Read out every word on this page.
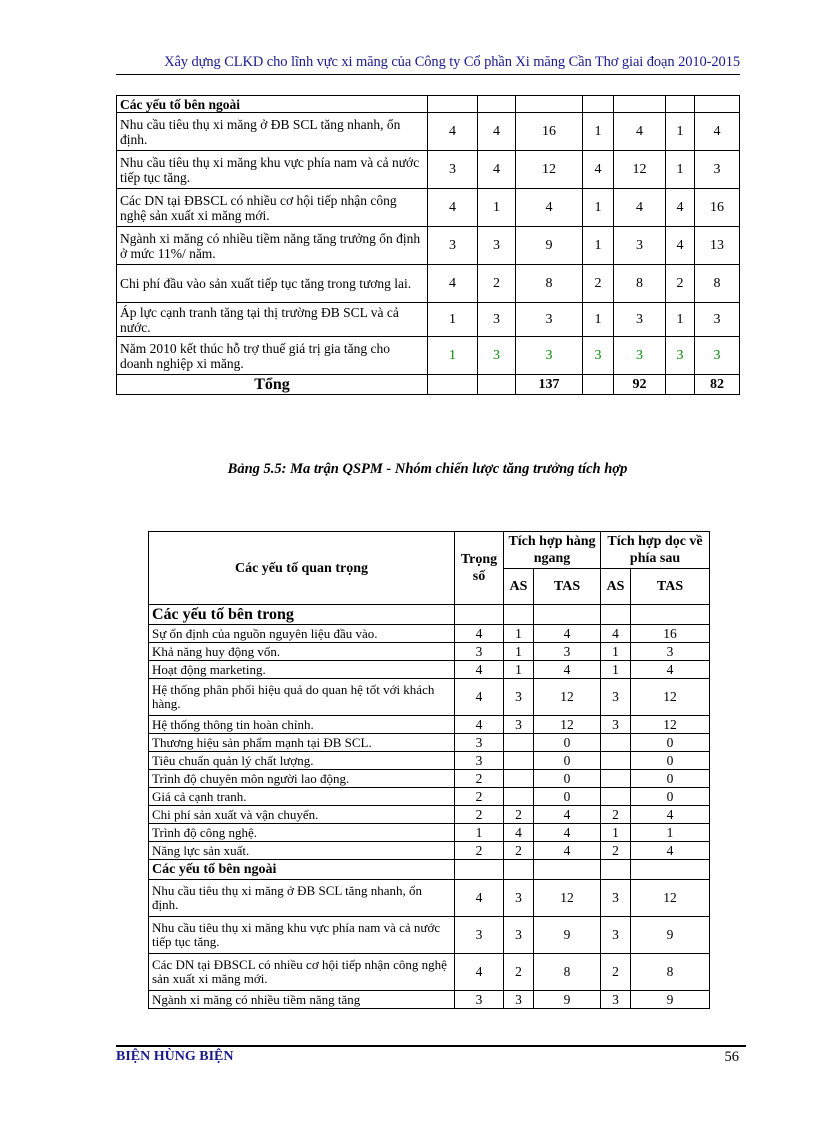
Xây dựng CLKD cho lĩnh vực xi măng của Công ty Cổ phần Xi măng Cần Thơ giai đoạn 2010-2015
Các yếu tố bên ngoài							
Nhu cầu tiêu thụ xi măng ở ĐB SCL tăng nhanh, ổn định.	4	4	16	1	4	1	4
Nhu cầu tiêu thụ xi măng khu vực phía nam và cả nước tiếp tục tăng.	3	4	12	4	12	1	3
Các DN tại ĐBSCL có nhiều cơ hội tiếp nhận công nghệ sản xuất xi măng mới.	4	1	4	1	4	4	16
Ngành xi măng có nhiều tiềm năng tăng trưởng ổn định ở mức 11%/ năm.	3	3	9	1	3	4	13
Chi phí đầu vào sản xuất tiếp tục tăng trong tương lai.	4	2	8	2	8	2	8
Áp lực cạnh tranh tăng tại thị trường ĐB SCL và cả nước.	1	3	3	1	3	1	3
Năm 2010 kết thúc hỗ trợ thuế giá trị gia tăng cho doanh nghiệp xi măng.	1	3	3	3	3	3	3
Tổng			137		92		82
Bảng 5.5: Ma trận QSPM - Nhóm chiến lược tăng trưởng tích hợp
Các yếu tố quan trọng	Trọng số	Tích hợp hàng ngang		Tích hợp dọc về phía sau	
		AS	TAS	AS	TAS
Các yếu tố bên trong					
Sự ổn định của nguồn nguyên liệu đầu vào.	4	1	4	4	16
Khả năng huy động vốn.	3	1	3	1	3
Hoạt động marketing.	4	1	4	1	4
Hệ thống phân phối hiệu quả do quan hệ tốt với khách hàng.	4	3	12	3	12
Hệ thống thông tin hoàn chỉnh.	4	3	12	3	12
Thương hiệu sản phẩm mạnh tại ĐB SCL.	3		0		0
Tiêu chuẩn quản lý chất lượng.	3		0		0
Trình độ chuyên môn người lao động.	2		0		0
Giá cả cạnh tranh.	2		0		0
Chi phí sản xuất và vận chuyển.	2	2	4	2	4
Trình độ công nghệ.	1	4	4	1	1
Năng lực sản xuất.	2	2	4	2	4
Các yếu tố bên ngoài					
Nhu cầu tiêu thụ xi măng ở ĐB SCL tăng nhanh, ổn định.	4	3	12	3	12
Nhu cầu tiêu thụ xi măng khu vực phía nam và cả nước tiếp tục tăng.	3	3	9	3	9
Các DN tại ĐBSCL có nhiều cơ hội tiếp nhận công nghệ sản xuất xi măng mới.	4	2	8	2	8
Ngành xi măng có nhiều tiềm năng tăng	3	3	9	3	9
BIỆN HÙNG BIỆN	56
